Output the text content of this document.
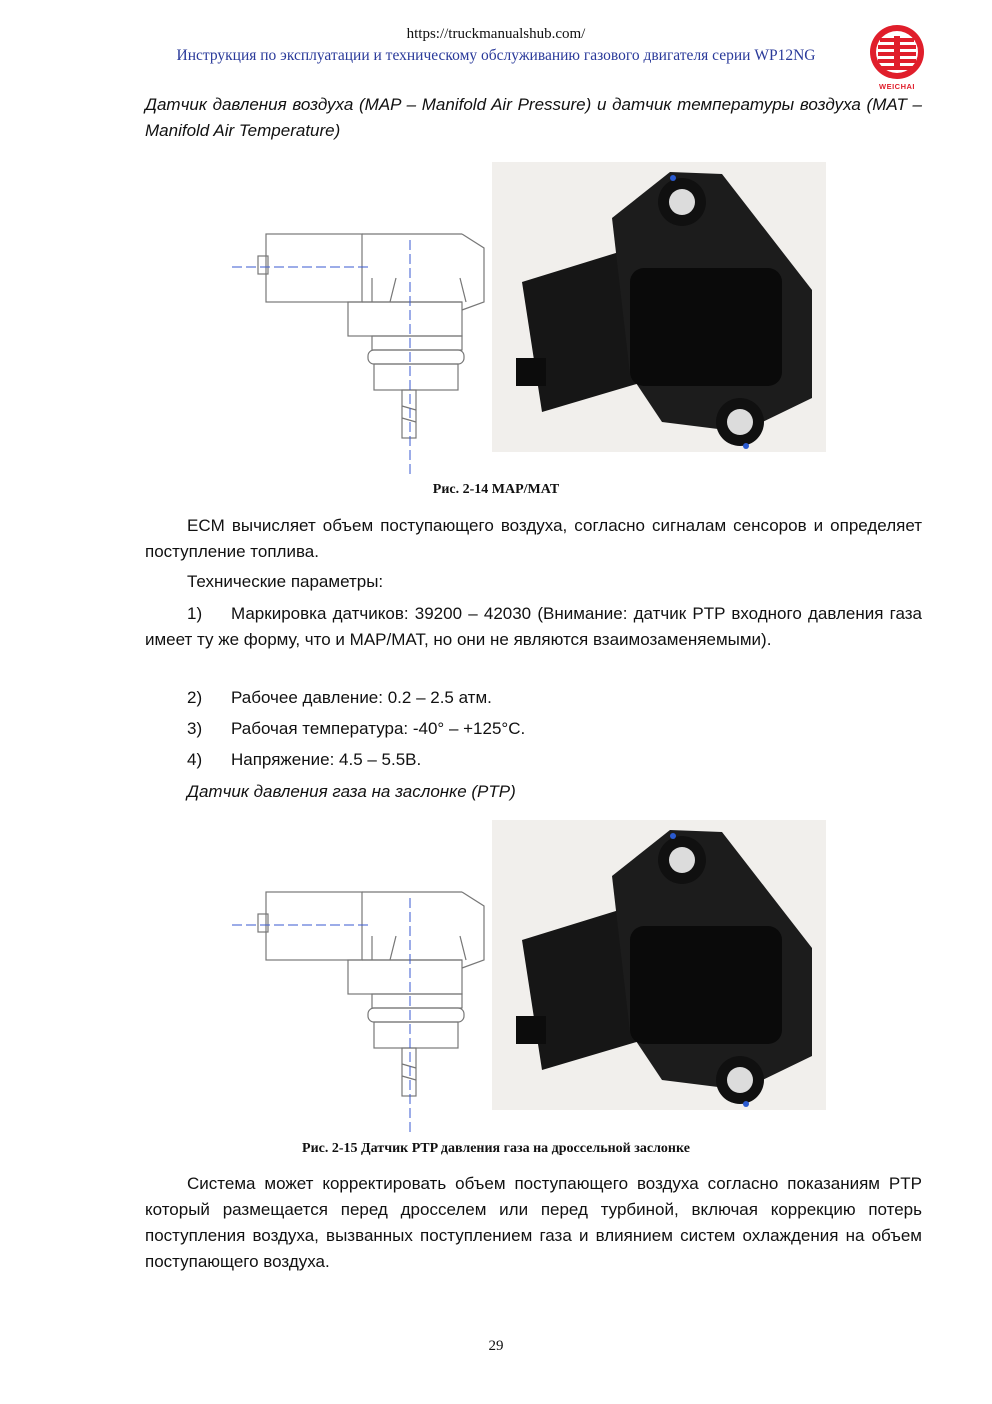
https://truckmanualshub.com/
Инструкция по эксплуатации и техническому обслуживанию газового двигателя серии WP12NG
WEICHAI
Датчик давления воздуха (MAP – Manifold Air Pressure) и датчик температуры воздуха (MAT – Manifold Air Temperature)
Рис. 2-14 MAP/MAT
ECM вычисляет объем поступающего воздуха, согласно сигналам сенсоров и определяет поступление топлива.
Технические параметры:
1) Маркировка датчиков: 39200 – 42030 (Внимание: датчик PTP входного давления газа имеет ту же форму, что и MAP/MAT, но они не являются взаимозаменяемыми).
2) Рабочее давление: 0.2 – 2.5 атм.
3) Рабочая температура: -40° – +125°C.
4) Напряжение: 4.5 – 5.5В.
Датчик давления газа на заслонке (PTP)
Рис. 2-15 Датчик PTP давления газа на дроссельной заслонке
Система может корректировать объем поступающего воздуха согласно показаниям PTP который размещается перед дросселем или перед турбиной, включая коррекцию потерь поступления воздуха, вызванных поступлением газа и влиянием систем охлаждения на объем поступающего воздуха.
29
